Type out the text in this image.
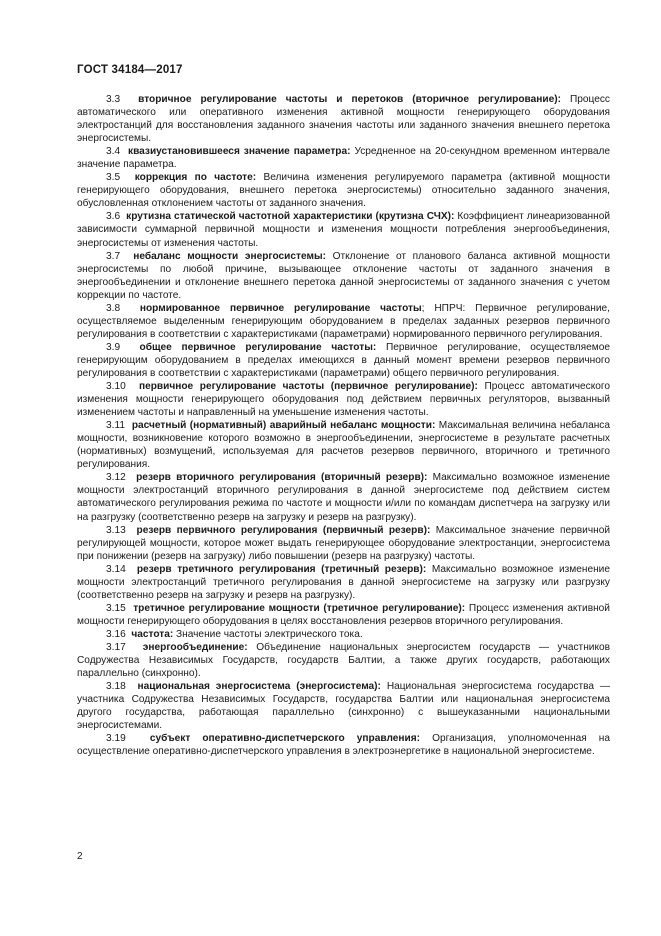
ГОСТ 34184—2017

3.3 вторичное регулирование частоты и перетоков (вторичное регулирование): Процесс автоматического или оперативного изменения активной мощности генерирующего оборудования электростанций для восстановления заданного значения частоты или заданного значения внешнего перетока энергосистемы.

3.4 квазиустановившееся значение параметра: Усредненное на 20-секундном временном интервале значение параметра.

3.5 коррекция по частоте: Величина изменения регулируемого параметра (активной мощности генерирующего оборудования, внешнего перетока энергосистемы) относительно заданного значения, обусловленная отклонением частоты от заданного значения.

3.6 крутизна статической частотной характеристики (крутизна СЧХ): Коэффициент линеаризованной зависимости суммарной первичной мощности и изменения мощности потребления энергообъединения, энергосистемы от изменения частоты.

3.7 небаланс мощности энергосистемы: Отклонение от планового баланса активной мощности энергосистемы по любой причине, вызывающее отклонение частоты от заданного значения в энергообъединении и отклонение внешнего перетока данной энергосистемы от заданного значения с учетом коррекции по частоте.

3.8 нормированное первичное регулирование частоты; НПРЧ: Первичное регулирование, осуществляемое выделенным генерирующим оборудованием в пределах заданных резервов первичного регулирования в соответствии с характеристиками (параметрами) нормированного первичного регулирования.

3.9 общее первичное регулирование частоты: Первичное регулирование, осуществляемое генерирующим оборудованием в пределах имеющихся в данный момент времени резервов первичного регулирования в соответствии с характеристиками (параметрами) общего первичного регулирования.

3.10 первичное регулирование частоты (первичное регулирование): Процесс автоматического изменения мощности генерирующего оборудования под действием первичных регуляторов, вызванный изменением частоты и направленный на уменьшение изменения частоты.

3.11 расчетный (нормативный) аварийный небаланс мощности: Максимальная величина небаланса мощности, возникновение которого возможно в энергообъединении, энергосистеме в результате расчетных (нормативных) возмущений, используемая для расчетов резервов первичного, вторичного и третичного регулирования.

3.12 резерв вторичного регулирования (вторичный резерв): Максимально возможное изменение мощности электростанций вторичного регулирования в данной энергосистеме под действием систем автоматического регулирования режима по частоте и мощности и/или по командам диспетчера на загрузку или на разгрузку (соответственно резерв на загрузку и резерв на разгрузку).

3.13 резерв первичного регулирования (первичный резерв): Максимальное значение первичной регулирующей мощности, которое может выдать генерирующее оборудование электростанции, энергосистема при понижении (резерв на загрузку) либо повышении (резерв на разгрузку) частоты.

3.14 резерв третичного регулирования (третичный резерв): Максимально возможное изменение мощности электростанций третичного регулирования в данной энергосистеме на загрузку или разгрузку (соответственно резерв на загрузку и резерв на разгрузку).

3.15 третичное регулирование мощности (третичное регулирование): Процесс изменения активной мощности генерирующего оборудования в целях восстановления резервов вторичного регулирования.

3.16 частота: Значение частоты электрического тока.

3.17 энергообъединение: Объединение национальных энергосистем государств — участников Содружества Независимых Государств, государств Балтии, а также других государств, работающих параллельно (синхронно).

3.18 национальная энергосистема (энергосистема): Национальная энергосистема государства — участника Содружества Независимых Государств, государства Балтии или национальная энергосистема другого государства, работающая параллельно (синхронно) с вышеуказанными национальными энергосистемами.

3.19 субъект оперативно-диспетчерского управления: Организация, уполномоченная на осуществление оперативно-диспетчерского управления в электроэнергетике в национальной энергосистеме.

2
